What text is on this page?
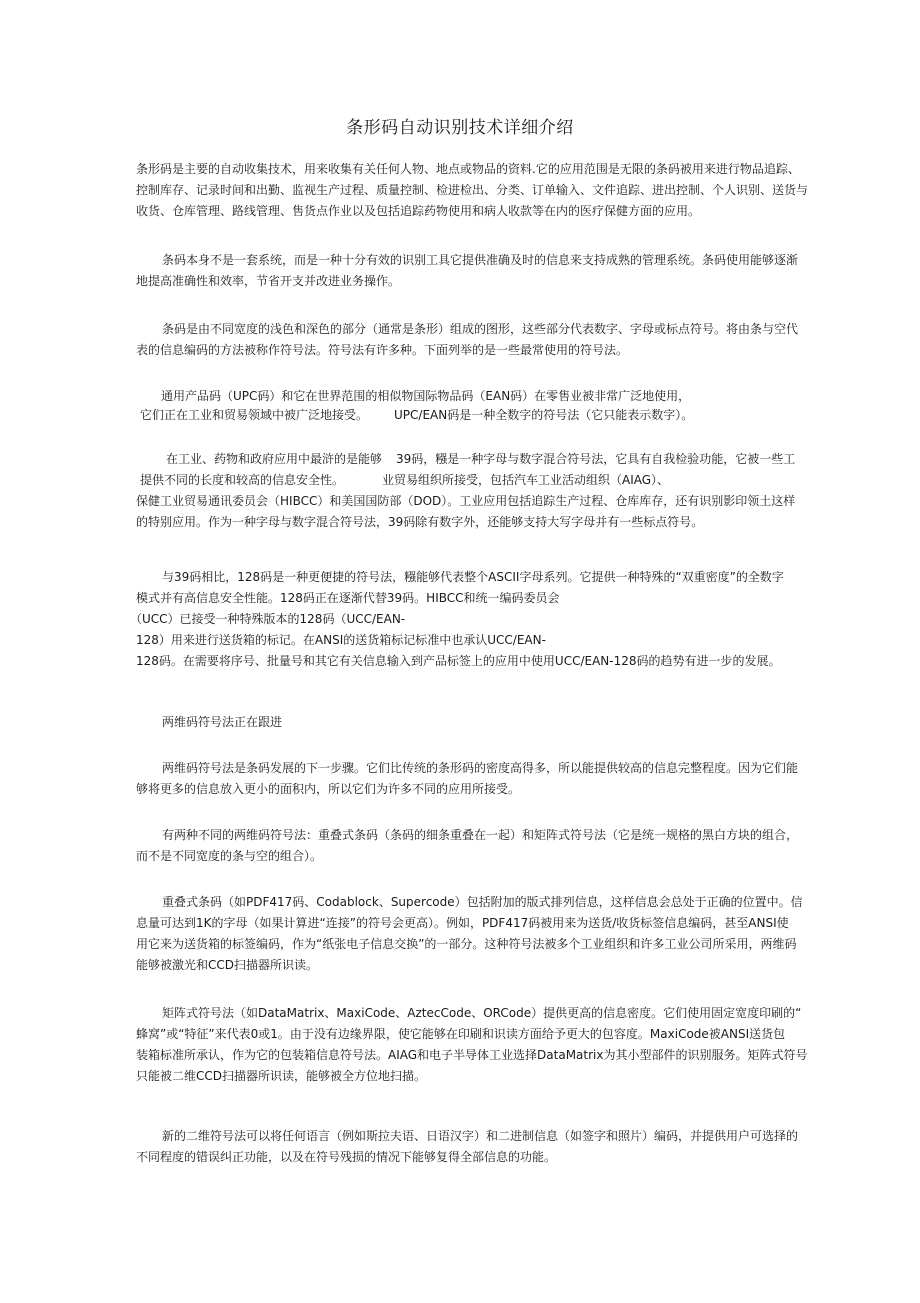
条形码自动识别技术详细介绍

条形码是主要的自动收集技术，用来收集有关任何人物、地点或物品的资料.它的应用范围是无限的条码被用来进行物品追踪、

控制库存、记录时间和出勤、监视生产过程、质量控制、检进检出、分类、订单输入、文件追踪、进出控制、个人识别、送货与

收货、仓库管理、路线管理、售货点作业以及包括追踪药物使用和病人收款等在内的医疗保健方面的应用。

条码本身不是一套系统，而是一种十分有效的识别工具它提供准确及时的信息来支持成熟的管理系统。条码使用能够逐渐

地提高准确性和效率，节省开支并改进业务操作。

条码是由不同宽度的浅色和深色的部分（通常是条形）组成的图形，这些部分代表数字、字母或标点符号。将由条与空代

表的信息编码的方法被称作符号法。符号法有许多种。下面列举的是一些最常使用的符号法。

通用产品码（UPC码）和它在世界范围的相似物国际物品码（EAN码）在零售业被非常广泛地使用，

它们正在工业和贸易领域中被广泛地接受。 UPC/EAN码是一种全数字的符号法（它只能表示数字）。

在工业、药物和政府应用中最浒的是能够 39码，糨是一种字母与数字混合符号法，它具有自我检验功能，它被一些工

提供不同的长度和较高的信息安全性。	业贸易组织所接受，包括汽车工业活动组织（AIAG）、

保健工业贸易通讯委员会（HIBCC）和美国国防部（DOD）。工业应用包括追踪生产过程、仓库库存，还有识别影印领土这样

的特别应用。作为一种字母与数字混合符号法，39码除有数字外，还能够支持大写字母并有一些标点符号。

与39码相比，128码是一种更便捷的符号法，糨能够代表整个ASCII字母系列。它提供一种特殊的“双重密度”的全数字

模式并有高信息安全性能。128码正在逐渐代替39码。HIBCC和统一编码委员会

（UCC）已接受一种特殊版本的128码（UCC/EAN-

128）用来进行送货箱的标记。在ANSI的送货箱标记标准中也承认UCC/EAN-

128码。在需要将序号、批量号和其它有关信息输入到产品标签上的应用中使用UCC/EAN-128码的趋势有进一步的发展。

两维码符号法正在跟进

两维码符号法是条码发展的下一步骤。它们比传统的条形码的密度高得多，所以能提供较高的信息完整程度。因为它们能

够将更多的信息放入更小的面积内，所以它们为许多不同的应用所接受。

有两种不同的两维码符号法：重叠式条码（条码的细条重叠在一起）和矩阵式符号法（它是统一规格的黑白方块的组合，

而不是不同宽度的条与空的组合）。

重叠式条码（如PDF417码、Codablock、Supercode）包括附加的版式排列信息，这样信息会总处于正确的位置中。信

息量可达到1K的字母（如果计算进“连接”的符号会更高）。例如，PDF417码被用来为送货/收货标签信息编码，甚至ANSI使

用它来为送货箱的标签编码，作为“纸张电子信息交换”的一部分。这种符号法被多个工业组织和许多工业公司所采用，两维码

能够被激光和CCD扫描器所识读。

矩阵式符号法（如DataMatrix、MaxiCode、AztecCode、ORCode）提供更高的信息密度。它们使用固定宽度印刷的“

蜂窝”或“特征”来代表0或1。由于没有边缘界限，使它能够在印刷和识读方面给予更大的包容度。MaxiCode被ANSI送货包

装箱标准所承认，作为它的包装箱信息符号法。AIAG和电子半导体工业选择DataMatrix为其小型部件的识别服务。矩阵式符号

只能被二维CCD扫描器所识读，能够被全方位地扫描。

新的二维符号法可以将任何语言（例如斯拉夫语、日语汉字）和二进制信息（如签字和照片）编码，并提供用户可选择的

不同程度的错误纠正功能，以及在符号残损的情况下能够复得全部信息的功能。
